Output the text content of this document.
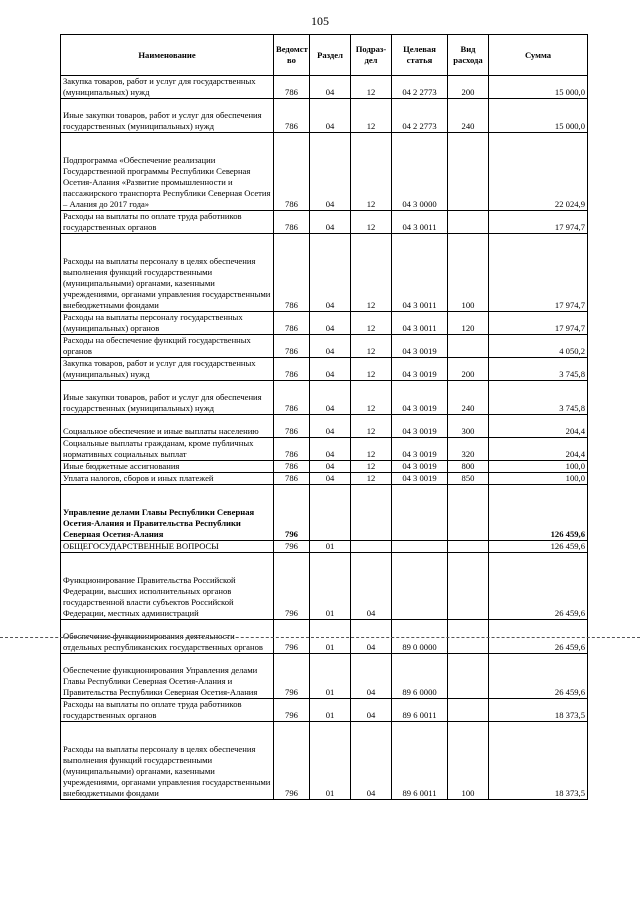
105
Наименование	Ведомст во	Раздел	Подраз- дел	Целевая статья	Вид расхода	Сумма
Закупка товаров, работ и услуг для государственных (муниципальных) нужд	786	04	12	04 2 2773	200	15 000,0
Иные закупки товаров, работ и услуг для обеспечения государственных (муниципальных) нужд	786	04	12	04 2 2773	240	15 000,0
Подпрограмма «Обеспечение реализации Государственной программы Республики Северная Осетия-Алания «Развитие промышленности и пассажирского транспорта Республики Северная Осетия – Алания до 2017 года»	786	04	12	04 3 0000		22 024,9
Расходы на выплаты по оплате труда работников государственных органов	786	04	12	04 3 0011		17 974,7
Расходы на выплаты персоналу в целях обеспечения выполнения функций государственными (муниципальными) органами, казенными учреждениями, органами управления государственными внебюджетными фондами	786	04	12	04 3 0011	100	17 974,7
Расходы на выплаты персоналу государственных (муниципальных) органов	786	04	12	04 3 0011	120	17 974,7
Расходы на обеспечение функций государственных органов	786	04	12	04 3 0019		4 050,2
Закупка товаров, работ и услуг для государственных (муниципальных) нужд	786	04	12	04 3 0019	200	3 745,8
Иные закупки товаров, работ и услуг для обеспечения государственных (муниципальных) нужд	786	04	12	04 3 0019	240	3 745,8
Социальное обеспечение и иные выплаты населению	786	04	12	04 3 0019	300	204,4
Социальные выплаты гражданам, кроме публичных нормативных социальных выплат	786	04	12	04 3 0019	320	204,4
Иные бюджетные ассигнования	786	04	12	04 3 0019	800	100,0
Уплата налогов, сборов и иных платежей	786	04	12	04 3 0019	850	100,0
Управление делами Главы Республики Северная Осетия-Алания и Правительства Республики Северная Осетия-Алания	796					126 459,6
ОБЩЕГОСУДАРСТВЕННЫЕ ВОПРОСЫ	796	01				126 459,6
Функционирование Правительства Российской Федерации, высших исполнительных органов государственной власти субъектов Российской Федерации, местных администраций	796	01	04			26 459,6
Обеспечение функционирования деятельности отдельных республиканских государственных органов	796	01	04	89 0 0000		26 459,6
Обеспечение функционирования Управления делами Главы Республики Северная Осетия-Алания и Правительства Республики Северная Осетия-Алания	796	01	04	89 6 0000		26 459,6
Расходы на выплаты по оплате труда работников государственных органов	796	01	04	89 6 0011		18 373,5
Расходы на выплаты персоналу в целях обеспечения выполнения функций государственными (муниципальными) органами, казенными учреждениями, органами управления государственными внебюджетными фондами	796	01	04	89 6 0011	100	18 373,5
